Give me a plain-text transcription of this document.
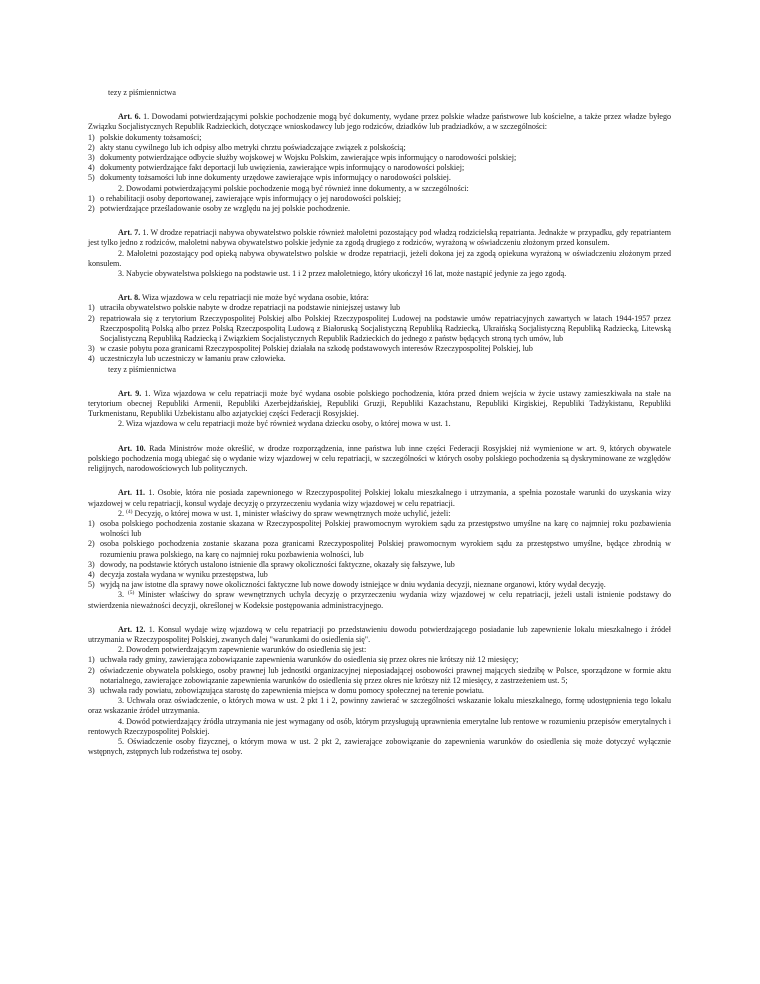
tezy z piśmiennictwa

Art. 6. 1. Dowodami potwierdzającymi polskie pochodzenie mogą być dokumenty, wydane przez polskie władze państwowe lub kościelne, a także przez władze byłego Związku Socjalistycznych Republik Radzieckich, dotyczące wnioskodawcy lub jego rodziców, dziadków lub pradziadków, a w szczególności:

1) polskie dokumenty tożsamości;
2) akty stanu cywilnego lub ich odpisy albo metryki chrztu poświadczające związek z polskością;
3) dokumenty potwierdzające odbycie służby wojskowej w Wojsku Polskim, zawierające wpis informujący o narodowości polskiej;
4) dokumenty potwierdzające fakt deportacji lub uwięzienia, zawierające wpis informujący o narodowości polskiej;
5) dokumenty tożsamości lub inne dokumenty urzędowe zawierające wpis informujący o narodowości polskiej.

2. Dowodami potwierdzającymi polskie pochodzenie mogą być również inne dokumenty, a w szczególności:

1) o rehabilitacji osoby deportowanej, zawierające wpis informujący o jej narodowości polskiej;
2) potwierdzające prześladowanie osoby ze względu na jej polskie pochodzenie.

Art. 7. 1. W drodze repatriacji nabywa obywatelstwo polskie również małoletni pozostający pod władzą rodzicielską repatrianta. Jednakże w przypadku, gdy repatriantem jest tylko jedno z rodziców, małoletni nabywa obywatelstwo polskie jedynie za zgodą drugiego z rodziców, wyrażoną w oświadczeniu złożonym przed konsulem.

2. Małoletni pozostający pod opieką nabywa obywatelstwo polskie w drodze repatriacji, jeżeli dokona jej za zgodą opiekuna wyrażoną w oświadczeniu złożonym przed konsulem.

3. Nabycie obywatelstwa polskiego na podstawie ust. 1 i 2 przez małoletniego, który ukończył 16 lat, może nastąpić jedynie za jego zgodą.

Art. 8. Wiza wjazdowa w celu repatriacji nie może być wydana osobie, która:

1) utraciła obywatelstwo polskie nabyte w drodze repatriacji na podstawie niniejszej ustawy lub
2) repatriowała się z terytorium Rzeczypospolitej Polskiej albo Polskiej Rzeczypospolitej Ludowej na podstawie umów repatriacyjnych zawartych w latach 1944-1957 przez Rzeczpospolitą Polską albo przez Polską Rzeczpospolitą Ludową z Białoruską Socjalistyczną Republiką Radziecką, Ukraińską Socjalistyczną Republiką Radziecką, Litewską Socjalistyczną Republiką Radziecką i Związkiem Socjalistycznych Republik Radzieckich do jednego z państw będących stroną tych umów, lub
3) w czasie pobytu poza granicami Rzeczypospolitej Polskiej działała na szkodę podstawowych interesów Rzeczypospolitej Polskiej, lub
4) uczestniczyła lub uczestniczy w łamaniu praw człowieka.

tezy z piśmiennictwa

Art. 9. 1. Wiza wjazdowa w celu repatriacji może być wydana osobie polskiego pochodzenia, która przed dniem wejścia w życie ustawy zamieszkiwała na stałe na terytorium obecnej Republiki Armenii, Republiki Azerbejdżańskiej, Republiki Gruzji, Republiki Kazachstanu, Republiki Kirgiskiej, Republiki Tadżykistanu, Republiki Turkmenistanu, Republiki Uzbekistanu albo azjatyckiej części Federacji Rosyjskiej.

2. Wiza wjazdowa w celu repatriacji może być również wydana dziecku osoby, o której mowa w ust. 1.

Art. 10. Rada Ministrów może określić, w drodze rozporządzenia, inne państwa lub inne części Federacji Rosyjskiej niż wymienione w art. 9, których obywatele polskiego pochodzenia mogą ubiegać się o wydanie wizy wjazdowej w celu repatriacji, w szczególności w których osoby polskiego pochodzenia są dyskryminowane ze względów religijnych, narodowościowych lub politycznych.

Art. 11. 1. Osobie, która nie posiada zapewnionego w Rzeczypospolitej Polskiej lokalu mieszkalnego i utrzymania, a spełnia pozostałe warunki do uzyskania wizy wjazdowej w celu repatriacji, konsul wydaje decyzję o przyrzeczeniu wydania wizy wjazdowej w celu repatriacji.

2. $^{(4)}$ Decyzję, o której mowa w ust. 1, minister właściwy do spraw wewnętrznych może uchylić, jeżeli:

1) osoba polskiego pochodzenia zostanie skazana w Rzeczypospolitej Polskiej prawomocnym wyrokiem sądu za przestępstwo umyślne na karę co najmniej roku pozbawienia wolności lub
2) osoba polskiego pochodzenia zostanie skazana poza granicami Rzeczypospolitej Polskiej prawomocnym wyrokiem sądu za przestępstwo umyślne, będące zbrodnią w rozumieniu prawa polskiego, na karę co najmniej roku pozbawienia wolności, lub
3) dowody, na podstawie których ustalono istnienie dla sprawy okoliczności faktyczne, okazały się fałszywe, lub
4) decyzja została wydana w wyniku przestępstwa, lub
5) wyjdą na jaw istotne dla sprawy nowe okoliczności faktyczne lub nowe dowody istniejące w dniu wydania decyzji, nieznane organowi, który wydał decyzję.

3. $^{(5)}$ Minister właściwy do spraw wewnętrznych uchyla decyzję o przyrzeczeniu wydania wizy wjazdowej w celu repatriacji, jeżeli ustali istnienie podstawy do stwierdzenia nieważności decyzji, określonej w Kodeksie postępowania administracyjnego.

Art. 12. 1. Konsul wydaje wizę wjazdową w celu repatriacji po przedstawieniu dowodu potwierdzającego posiadanie lub zapewnienie lokalu mieszkalnego i źródeł utrzymania w Rzeczypospolitej Polskiej, zwanych dalej "warunkami do osiedlenia się".

2. Dowodem potwierdzającym zapewnienie warunków do osiedlenia się jest:

1) uchwała rady gminy, zawierająca zobowiązanie zapewnienia warunków do osiedlenia się przez okres nie krótszy niż 12 miesięcy;
2) oświadczenie obywatela polskiego, osoby prawnej lub jednostki organizacyjnej nieposiadającej osobowości prawnej mających siedzibę w Polsce, sporządzone w formie aktu notarialnego, zawierające zobowiązanie zapewnienia warunków do osiedlenia się przez okres nie krótszy niż 12 miesięcy, z zastrzeżeniem ust. 5;
3) uchwała rady powiatu, zobowiązująca starostę do zapewnienia miejsca w domu pomocy społecznej na terenie powiatu.

3. Uchwała oraz oświadczenie, o których mowa w ust. 2 pkt 1 i 2, powinny zawierać w szczególności wskazanie lokalu mieszkalnego, formę udostępnienia tego lokalu oraz wskazanie źródeł utrzymania.

4. Dowód potwierdzający źródła utrzymania nie jest wymagany od osób, którym przysługują uprawnienia emerytalne lub rentowe w rozumieniu przepisów emerytalnych i rentowych Rzeczypospolitej Polskiej.

5. Oświadczenie osoby fizycznej, o którym mowa w ust. 2 pkt 2, zawierające zobowiązanie do zapewnienia warunków do osiedlenia się może dotyczyć wyłącznie wstępnych, zstępnych lub rodzeństwa tej osoby.
